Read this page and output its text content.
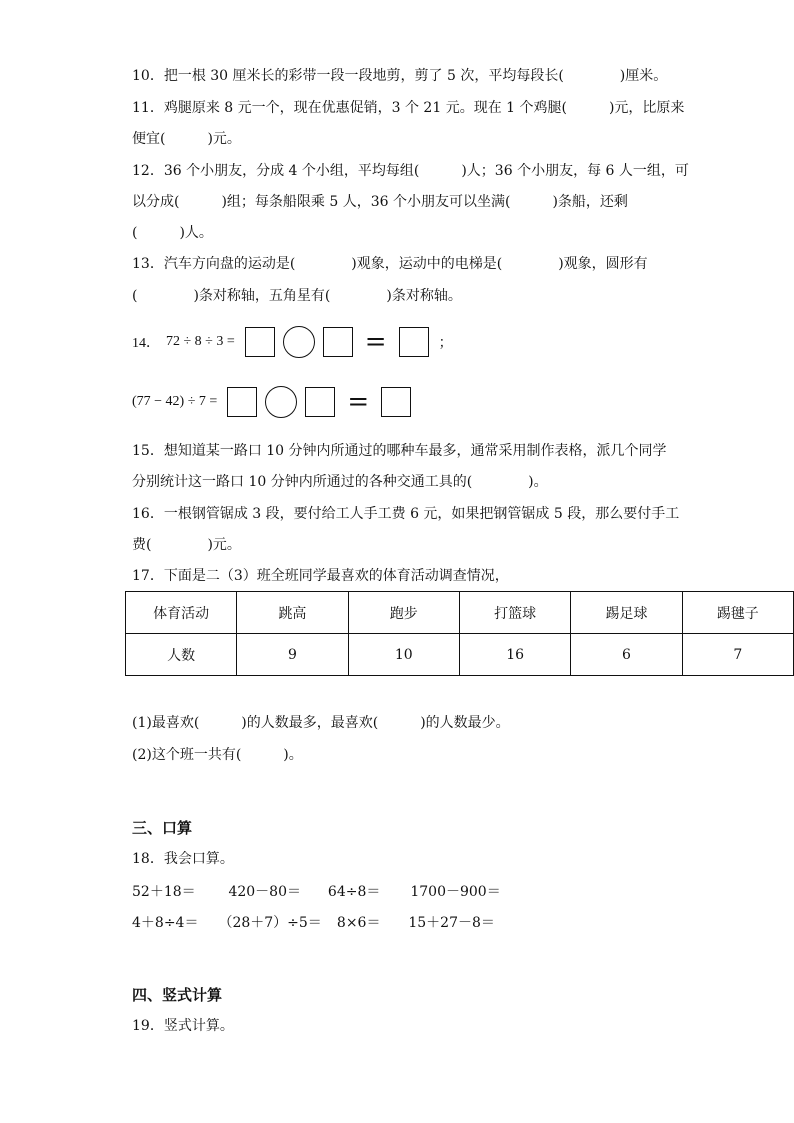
10．把一根 30 厘米长的彩带一段一段地剪，剪了 5 次，平均每段长(　　　　)厘米。
11．鸡腿原来 8 元一个，现在优惠促销，3 个 21 元。现在 1 个鸡腿(　　　)元，比原来
便宜(　　　)元。
12．36 个小朋友，分成 4 个小组，平均每组(　　　)人；36 个小朋友，每 6 人一组，可
以分成(　　　)组；每条船限乘 5 人，36 个小朋友可以坐满(　　　)条船，还剩
(　　　)人。
13．汽车方向盘的运动是(　　　　)观象，运动中的电梯是(　　　　)观象，圆形有
(　　　　)条对称轴，五角星有(　　　　)条对称轴。
14． 72 ÷ 8 ÷ 3 =	=	；
(77 − 42) ÷ 7 =	=
15．想知道某一路口 10 分钟内所通过的哪种车最多，通常采用制作表格，派几个同学
分别统计这一路口 10 分钟内所通过的各种交通工具的(　　　　)。
16．一根钢管锯成 3 段，要付给工人手工费 6 元，如果把钢管锯成 5 段，那么要付手工
费(　　　　)元。
17．下面是二（3）班全班同学最喜欢的体育活动调查情况，
体育活动	跳高	跑步	打篮球	踢足球	踢毽子
人数	9	10	16	6	7
(1)最喜欢(　　　)的人数最多，最喜欢(　　　)的人数最少。
(2)这个班一共有(　　　)。
三、口算
18．我会口算。
52＋18＝ 420－80＝ 64÷8＝ 1700－900＝
4＋8÷4＝ （28＋7）÷5＝ 8×6＝ 15＋27－8＝
四、竖式计算
19．竖式计算。
